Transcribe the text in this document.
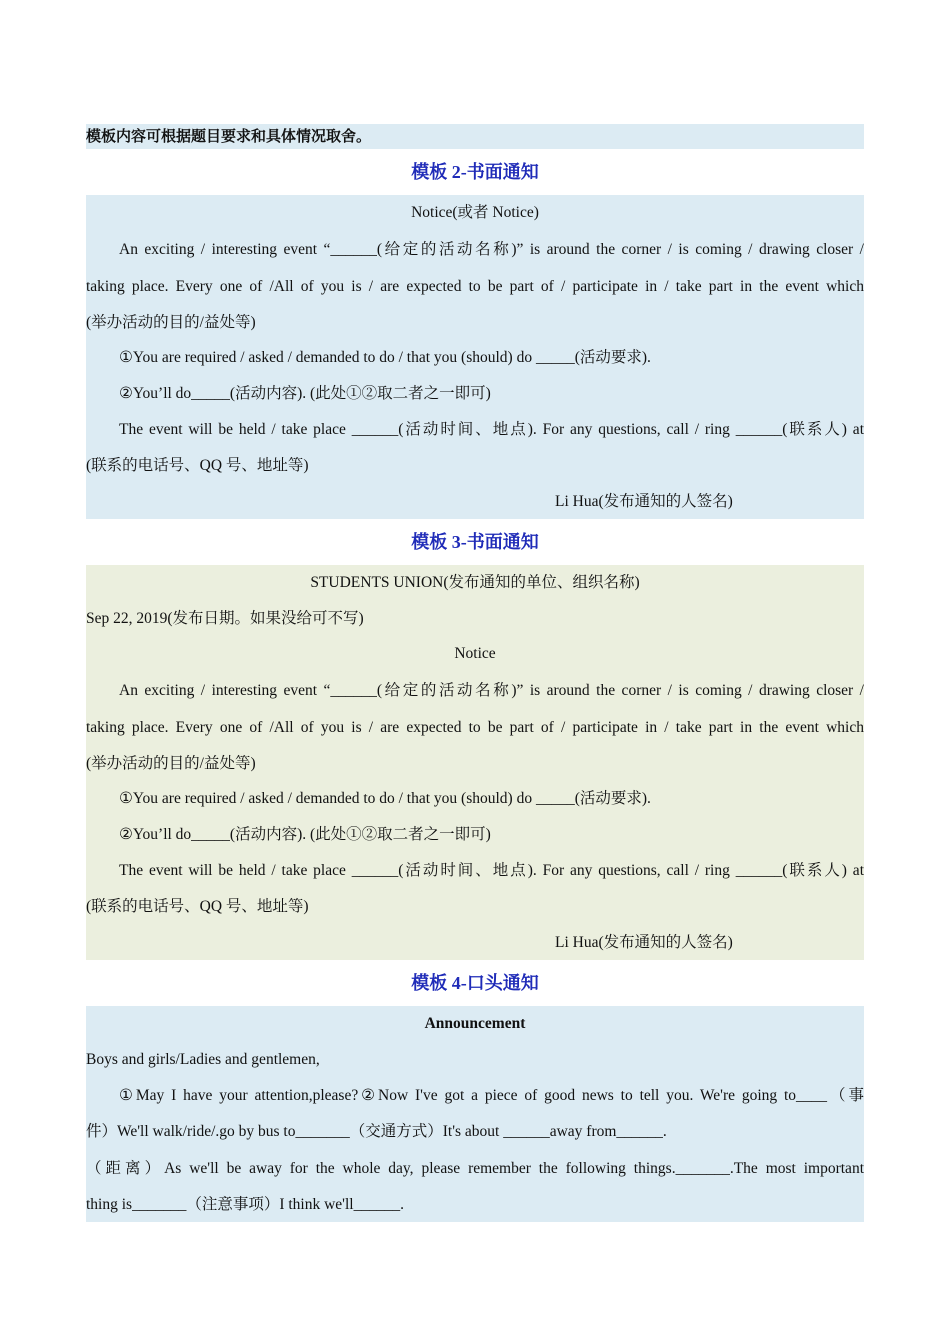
模板内容可根据题目要求和具体情况取舍。
模板 2-书面通知
Notice(或者 Notice)
An exciting / interesting event “______(给定的活动名称)” is around the corner / is coming / drawing closer /
taking place. Every one of /All of you is / are expected to be part of / participate in / take part in the event which
(举办活动的目的/益处等)
①You are required / asked / demanded to do / that you (should) do _____(活动要求).
②You’ll do_____(活动内容). (此处①②取二者之一即可)
The event will be held / take place ______(活动时间、地点). For any questions, call / ring ______(联系人) at
(联系的电话号、QQ 号、地址等)
Li Hua(发布通知的人签名)
模板 3-书面通知
STUDENTS UNION(发布通知的单位、组织名称)
Sep 22, 2019(发布日期。如果没给可不写)
Notice
An exciting / interesting event “______(给定的活动名称)” is around the corner / is coming / drawing closer /
taking place. Every one of /All of you is / are expected to be part of / participate in / take part in the event which
(举办活动的目的/益处等)
①You are required / asked / demanded to do / that you (should) do _____(活动要求).
②You’ll do_____(活动内容). (此处①②取二者之一即可)
The event will be held / take place ______(活动时间、地点). For any questions, call / ring ______(联系人) at
(联系的电话号、QQ 号、地址等)
Li Hua(发布通知的人签名)
模板 4-口头通知
Announcement
Boys and girls/Ladies and gentlemen,
①May I have your attention,please?②Now I've got a piece of good news to tell you. We're going to____（事
件）We'll walk/ride/.go by bus to_______（交通方式）It's about ______away from______.
（距离）As we'll be away for the whole day, please remember the following things._______.The most important
thing is_______（注意事项）I think we'll______.
